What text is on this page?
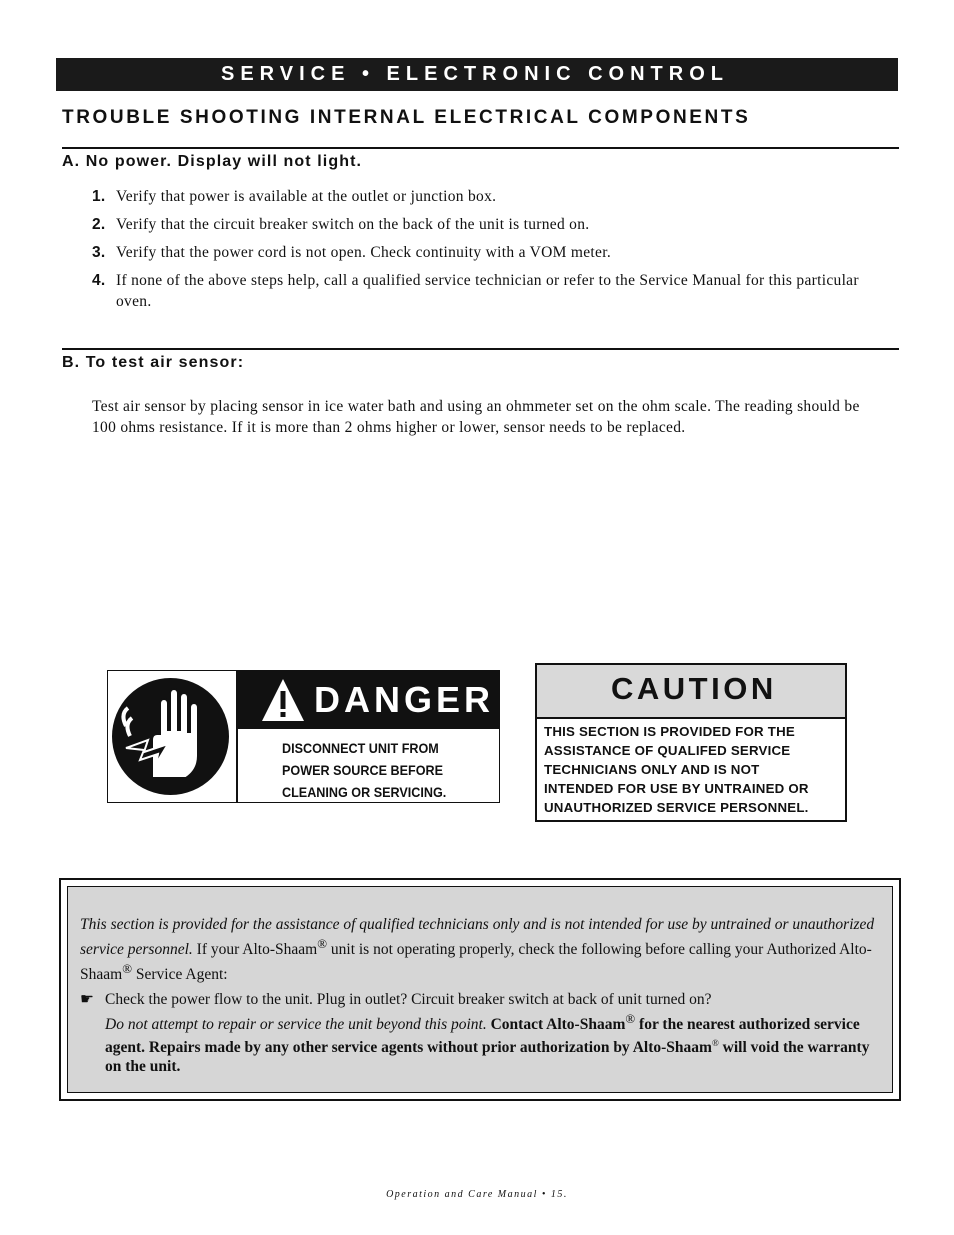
SERVICE • ELECTRONIC CONTROL
TROUBLE SHOOTING INTERNAL ELECTRICAL COMPONENTS
A. No power. Display will not light.
1. Verify that power is available at the outlet or junction box.
2. Verify that the circuit breaker switch on the back of the unit is turned on.
3. Verify that the power cord is not open. Check continuity with a VOM meter.
4. If none of the above steps help, call a qualified service technician or refer to the Service Manual for this particular oven.
B. To test air sensor:
Test air sensor by placing sensor in ice water bath and using an ohmmeter set on the ohm scale. The reading should be 100 ohms resistance. If it is more than 2 ohms higher or lower, sensor needs to be replaced.
DANGER
DISCONNECT UNIT FROM
POWER SOURCE BEFORE
CLEANING OR SERVICING.
CAUTION
THIS SECTION IS PROVIDED FOR THE
ASSISTANCE OF QUALIFED SERVICE
TECHNICIANS ONLY AND IS NOT
INTENDED FOR USE BY UNTRAINED OR
UNAUTHORIZED SERVICE PERSONNEL.
This section is provided for the assistance of qualified technicians only and is not intended for use by untrained or unauthorized service personnel. If your Alto-Shaam® unit is not operating properly, check the following before calling your Authorized Alto-Shaam® Service Agent:
☛ Check the power flow to the unit. Plug in outlet? Circuit breaker switch at back of unit turned on?
Do not attempt to repair or service the unit beyond this point. Contact Alto-Shaam® for the nearest authorized service agent. Repairs made by any other service agents without prior authorization by Alto-Shaam® will void the warranty on the unit.
Operation and Care Manual • 15.
